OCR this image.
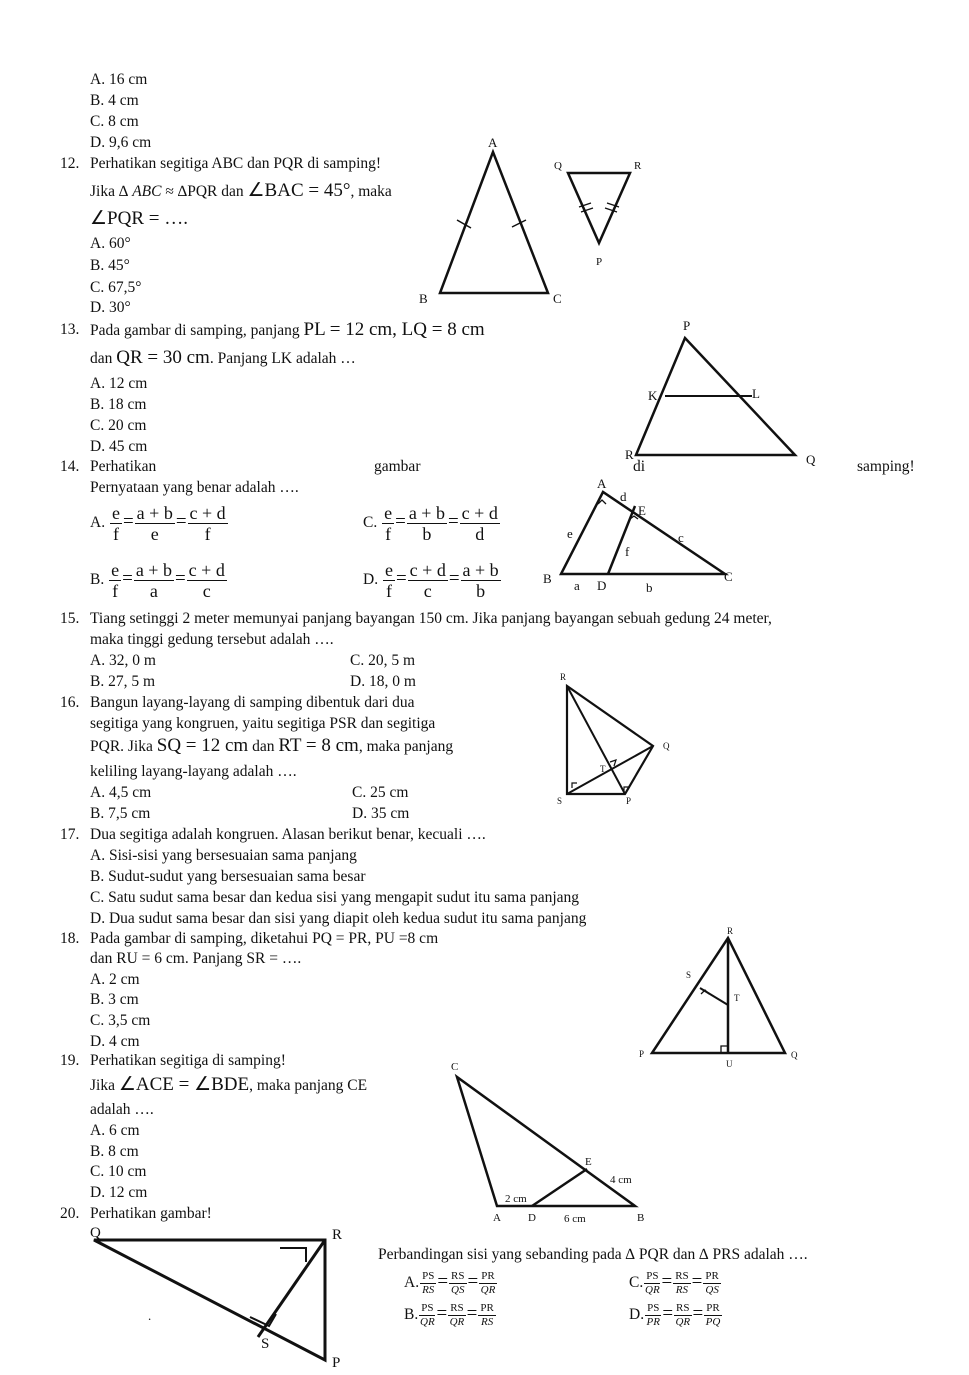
A. 16 cm
B. 4 cm
C. 8 cm
D. 9,6 cm
12. Perhatikan segitiga ABC dan PQR di samping!
Jika ∆ ABC ≈ ∆PQR dan ∠BAC = 45°, maka
∠PQR = ….
A. 60°
B. 45°
C. 67,5°
D. 30°
A
B	C
Q	R
P
13. Pada gambar di samping, panjang PL = 12 cm, LQ = 8 cm
dan QR = 30 cm. Panjang LK adalah …
A. 12 cm
B. 18 cm
C. 20 cm
D. 45 cm
P
K	L
R	Q
14. Perhatikan	gambar	di	samping!
Pernyataan yang benar adalah ….
A. $\frac{e}{f} = \frac{a + b}{e} = \frac{c + d}{f}$	C. $\frac{e}{f} = \frac{a + b}{b} = \frac{c + d}{d}$
B. $\frac{e}{f} = \frac{a + b}{a} = \frac{c + d}{c}$	D. $\frac{e}{f} = \frac{c + d}{c} = \frac{a + b}{b}$
A
d
E
e	c
f
B a D	b
C
15. Tiang setinggi 2 meter memunyai panjang bayangan 150 cm. Jika panjang bayangan sebuah gedung 24 meter,
maka tinggi gedung tersebut adalah ….
A. 32, 0 m	C. 20, 5 m
B. 27, 5 m	D. 18, 0 m
16. Bangun layang-layang di samping dibentuk dari dua
segitiga yang kongruen, yaitu segitiga PSR dan segitiga
PQR. Jika SQ = 12 cm dan RT = 8 cm, maka panjang
keliling layang-layang adalah ….
A. 4,5 cm	C. 25 cm
B. 7,5 cm	D. 35 cm
R
Q
T
S	P
17. Dua segitiga adalah kongruen. Alasan berikut benar, kecuali ….
A. Sisi-sisi yang bersesuaian sama panjang
B. Sudut-sudut yang bersesuaian sama besar
C. Satu sudut sama besar dan kedua sisi yang mengapit sudut itu sama panjang
D. Dua sudut sama besar dan sisi yang diapit oleh kedua sudut itu sama panjang
18. Pada gambar di samping, diketahui PQ = PR, PU =8 cm
dan RU = 6 cm. Panjang SR = ….
A. 2 cm
B. 3 cm
C. 3,5 cm
D. 4 cm
R
S
T
P
U
Q
19. Perhatikan segitiga di samping!
Jika ∠ACE = ∠BDE, maka panjang CE
adalah ….
A. 6 cm
B. 8 cm
C. 10 cm
D. 12 cm
C
E
4 cm
2 cm
A D	6 cm	B
20. Perhatikan gambar!
Q	R
.
S
P
Perbandingan sisi yang sebanding pada ∆ PQR dan ∆ PRS adalah ….
A. $\frac{PS}{RS} = \frac{RS}{QS} = \frac{PR}{QR}$	C. $\frac{PS}{QR} = \frac{RS}{RS} = \frac{PR}{QS}$
B. $\frac{PS}{QR} = \frac{RS}{QR} = \frac{PR}{RS}$	D. $\frac{PS}{PR} = \frac{RS}{QR} = \frac{PR}{PQ}$
